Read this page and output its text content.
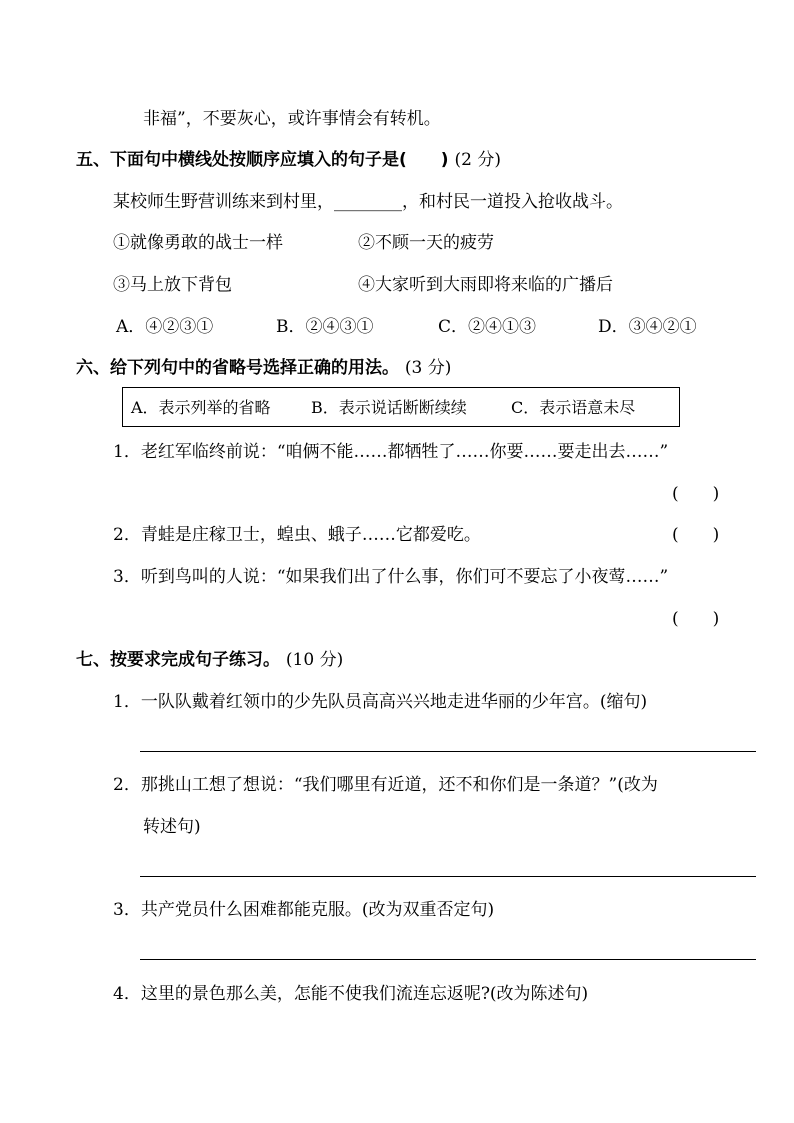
非福”，不要灰心，或许事情会有转机。
五、下面句中横线处按顺序应填入的句子是(　　) (2 分)
某校师生野营训练来到村里，________，和村民一道投入抢收战斗。
①就像勇敢的战士一样	②不顾一天的疲劳
③马上放下背包	④大家听到大雨即将来临的广播后
A．④②③①	B．②④③①	C．②④①③	D．③④②①
六、给下列句中的省略号选择正确的用法。 (3 分)
A．表示列举的省略	B．表示说话断断续续	C．表示语意未尽
1．老红军临终前说：“咱俩不能……都牺牲了……你要……要走出去……”
(　　)
2．青蛙是庄稼卫士，蝗虫、蛾子……它都爱吃。	(　　)
3．听到鸟叫的人说：“如果我们出了什么事，你们可不要忘了小夜莺……”
(　　)
七、按要求完成句子练习。 (10 分)
1．一队队戴着红领巾的少先队员高高兴兴地走进华丽的少年宫。(缩句)
2．那挑山工想了想说：“我们哪里有近道，还不和你们是一条道？”(改为
转述句)
3．共产党员什么困难都能克服。(改为双重否定句)
4．这里的景色那么美，怎能不使我们流连忘返呢?(改为陈述句)
